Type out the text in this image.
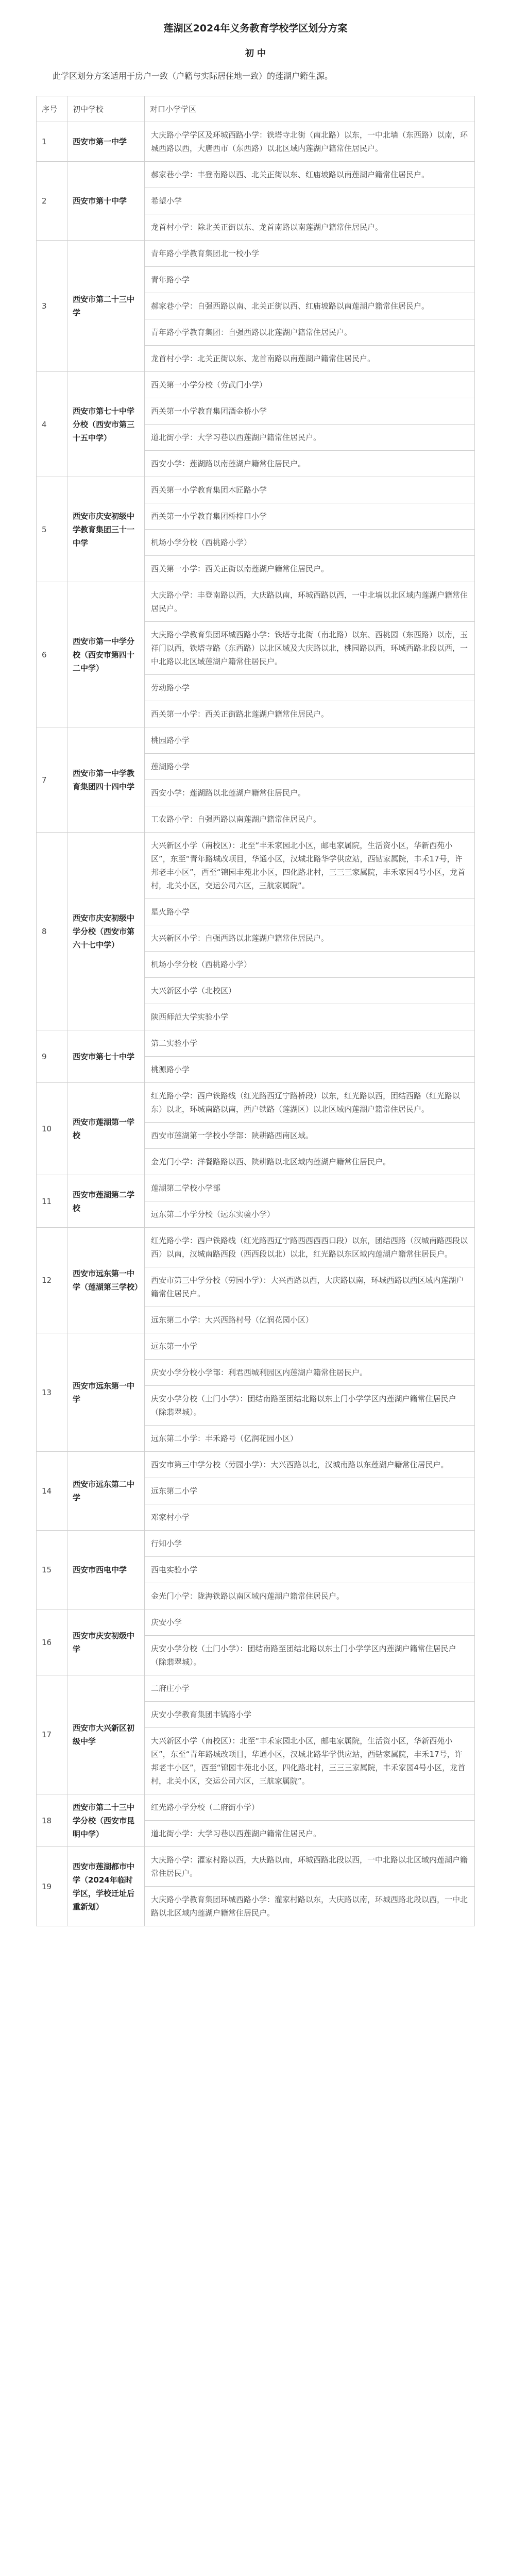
莲湖区2024年义务教育学校学区划分方案
初 中

此学区划分方案适用于房户一致（户籍与实际居住地一致）的莲湖户籍生源。

序号	初中学校	对口小学学区
1	西安市第一中学	大庆路小学学区及环城西路小学：铁塔寺北街（南北路）以东，一中北墙（东西路）以南，环城西路以西，大唐西市（东西路）以北区域内莲湖户籍常住居民户。
2	西安市第十中学	郝家巷小学：丰登南路以西、北关正街以东、红庙坡路以南莲湖户籍常住居民户。
		希望小学
		龙首村小学：除北关正街以东、龙首南路以南莲湖户籍常住居民户。
3	西安市第二十三中学	青年路小学教育集团北一校小学
		青年路小学
		郝家巷小学：自强西路以南、北关正街以西、红庙坡路以南莲湖户籍常住居民户。
		青年路小学教育集团：自强西路以北莲湖户籍常住居民户。
		龙首村小学：北关正街以东、龙首南路以南莲湖户籍常住居民户。
4	西安市第七十中学分校（西安市第三十五中学）	西关第一小学分校（劳武门小学）
		西关第一小学教育集团酒金桥小学
		道北街小学：大学习巷以西莲湖户籍常住居民户。
		西安小学：莲湖路以南莲湖户籍常住居民户。
5	西安市庆安初级中学教育集团三十一中学	西关第一小学教育集团木匠路小学
		西关第一小学教育集团桥梓口小学
		机场小学分校（西桃路小学）
		西关第一小学：西关正街以南莲湖户籍常住居民户。
6	西安市第一中学分校（西安市第四十二中学）	大庆路小学：丰登南路以西，大庆路以南，环城西路以西，一中北墙以北区域内莲湖户籍常住居民户。
		大庆路小学教育集团环城西路小学：铁塔寺北街（南北路）以东、西桃园（东西路）以南，玉祥门以西，铁塔寺路（东西路）以北区域及大庆路以北，桃园路以西，环城西路北段以西，一中北路以北区域莲湖户籍常住居民户。
		劳动路小学
		西关第一小学：西关正街路北莲湖户籍常住居民户。
7	西安市第一中学教育集团四十四中学	桃园路小学
		莲湖路小学
		西安小学：莲湖路以北莲湖户籍常住居民户。
		工农路小学：自强西路以南莲湖户籍常住居民户。
8	西安市庆安初级中学分校（西安市第六十七中学）	大兴新区小学（南校区）：北至“丰禾家园北小区，邮电家属院，生活资小区，华新西苑小区”，东至“青年路城改项目，华通小区，汉城北路华学供应站，西钻家属院，丰禾17号，许邦老丰小区”，西至“锦园丰苑北小区，四化路北村，三三三家属院，丰禾家园4号小区，龙首村，北关小区，交运公司六区，三航家属院”。
		星火路小学
		大兴新区小学：自强西路以北莲湖户籍常住居民户。
		机场小学分校（西桃路小学）
		大兴新区小学（北校区）
		陕西师范大学实验小学
9	西安市第七十中学	第二实验小学
		桃源路小学
10	西安市莲湖第一学校	红光路小学：西户铁路线（红光路西辽宁路桥段）以东，红光路以西，团结西路（红光路以东）以北，环城南路以南，西户铁路（莲湖区）以北区域内莲湖户籍常住居民户。
		西安市莲湖第一学校小学部：陕耕路西南区域。
		金光门小学：洋餐路路以西、陕耕路以北区域内莲湖户籍常住居民户。
11	西安市莲湖第二学校	莲湖第二学校小学部
		远东第二小学分校（远东实验小学）
12	西安市远东第一中学（莲湖第三学校）	红光路小学：西户铁路线（红光路西辽宁路西西西西口段）以东，团结西路（汉城南路西段以西）以南，汉城南路西段（西西段以北）以北，红光路以东区域内莲湖户籍常住居民户。
		西安市第三中学分校（劳园小学）：大兴西路以西，大庆路以南，环城西路以西区域内莲湖户籍常住居民户。
		远东第二小学：大兴西路村号（亿润花园小区）
13	西安市远东第一中学	远东第一小学
		庆安小学分校小学部：利君西城利园区内莲湖户籍常住居民户。
		庆安小学分校（土门小学）：团结南路至团结北路以东土门小学学区内莲湖户籍常住居民户（除翡翠城）。
		远东第二小学：丰禾路号（亿润花园小区）
14	西安市远东第二中学	西安市第三中学分校（劳园小学）：大兴西路以北，汉城南路以东莲湖户籍常住居民户。
		远东第二小学
		邓家村小学
15	西安市西电中学	行知小学
		西电实验小学
		金光门小学：陇海铁路以南区域内莲湖户籍常住居民户。
16	西安市庆安初级中学	庆安小学
		庆安小学分校（土门小学）：团结南路至团结北路以东土门小学学区内莲湖户籍常住居民户（除翡翠城）。
17	西安市大兴新区初级中学	二府庄小学
		庆安小学教育集团丰镐路小学
		大兴新区小学（南校区）：北至“丰禾家园北小区，邮电家属院，生活资小区，华新西苑小区”，东至“青年路城改项目，华通小区，汉城北路华学供应站，西钻家属院，丰禾17号，许邦老丰小区”，西至“锦园丰苑北小区，四化路北村，三三三家属院，丰禾家园4号小区，龙首村，北关小区，交运公司六区，三航家属院”。
18	西安市第二十三中学分校（西安市昆明中学）	红光路小学分校（二府街小学）
		道北街小学：大学习巷以西莲湖户籍常住居民户。
19	西安市莲湖都市中学（2024年临时学区，学校迁址后重新划）	大庆路小学：灌家村路以西，大庆路以南，环城西路北段以西，一中北路以北区域内莲湖户籍常住居民户。
		大庆路小学教育集团环城西路小学：灌家村路以东，大庆路以南，环城西路北段以西，一中北路以北区域内莲湖户籍常住居民户。
